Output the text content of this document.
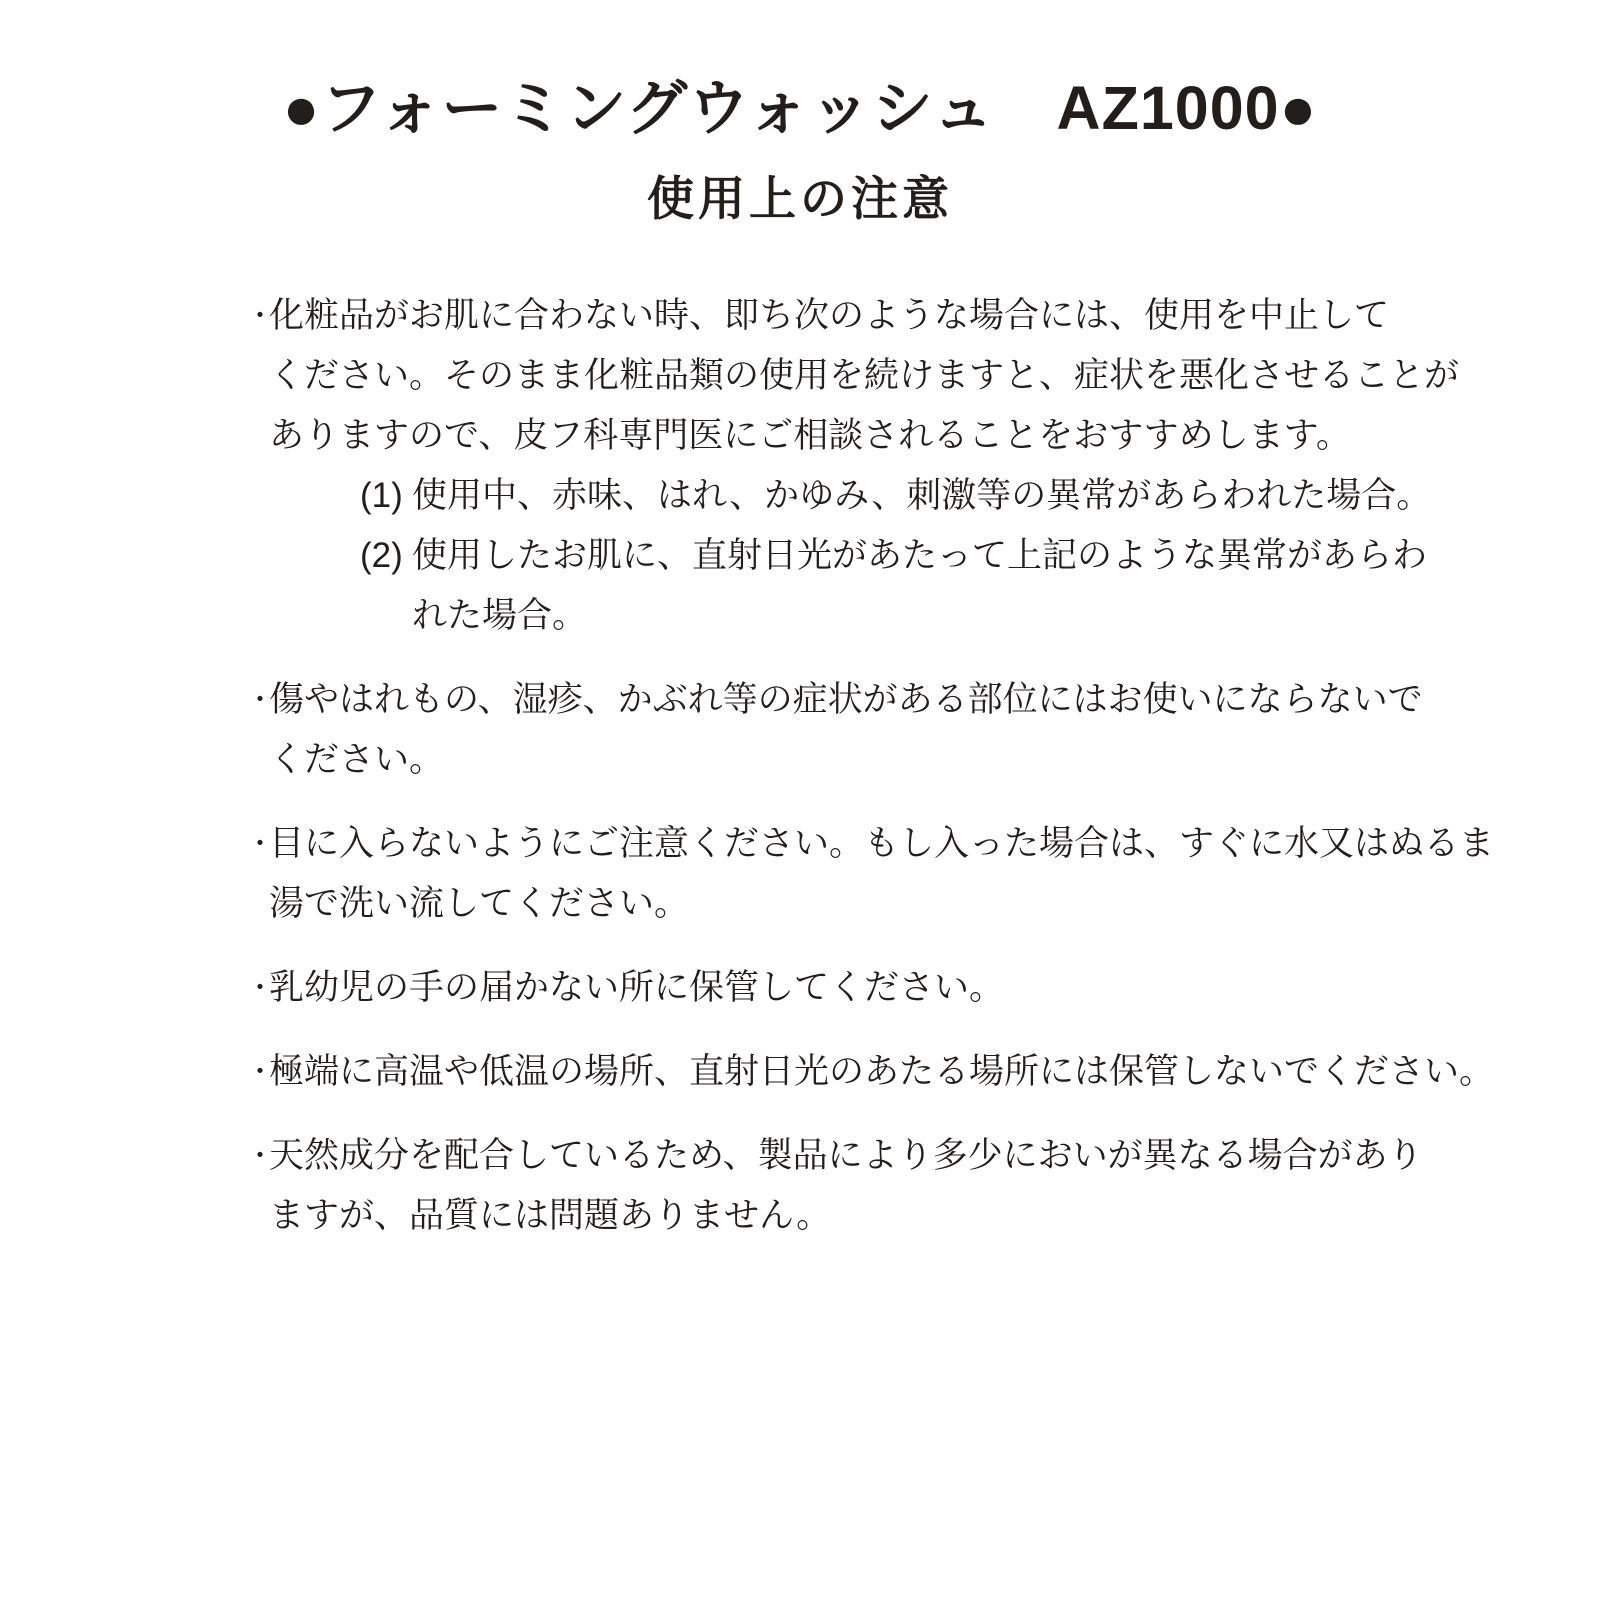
●フォーミングウォッシュ　AZ1000●
使用上の注意
・
化粧品がお肌に合わない時、即ち次のような場合には、使用を中止して
ください。そのまま化粧品類の使用を続けますと、症状を悪化させることが
ありますので、皮フ科専門医にご相談されることをおすすめします。
(1) 使用中、赤味、はれ、かゆみ、刺激等の異常があらわれた場合。
(2) 使用したお肌に、直射日光があたって上記のような異常があらわ
れた場合。
・
傷やはれもの、湿疹、かぶれ等の症状がある部位にはお使いにならないで
ください。
・
目に入らないようにご注意ください。もし入った場合は、すぐに水又はぬるま
湯で洗い流してください。
・
乳幼児の手の届かない所に保管してください。
・
極端に高温や低温の場所、直射日光のあたる場所には保管しないでください。
・
天然成分を配合しているため、製品により多少においが異なる場合があり
ますが、品質には問題ありません。
